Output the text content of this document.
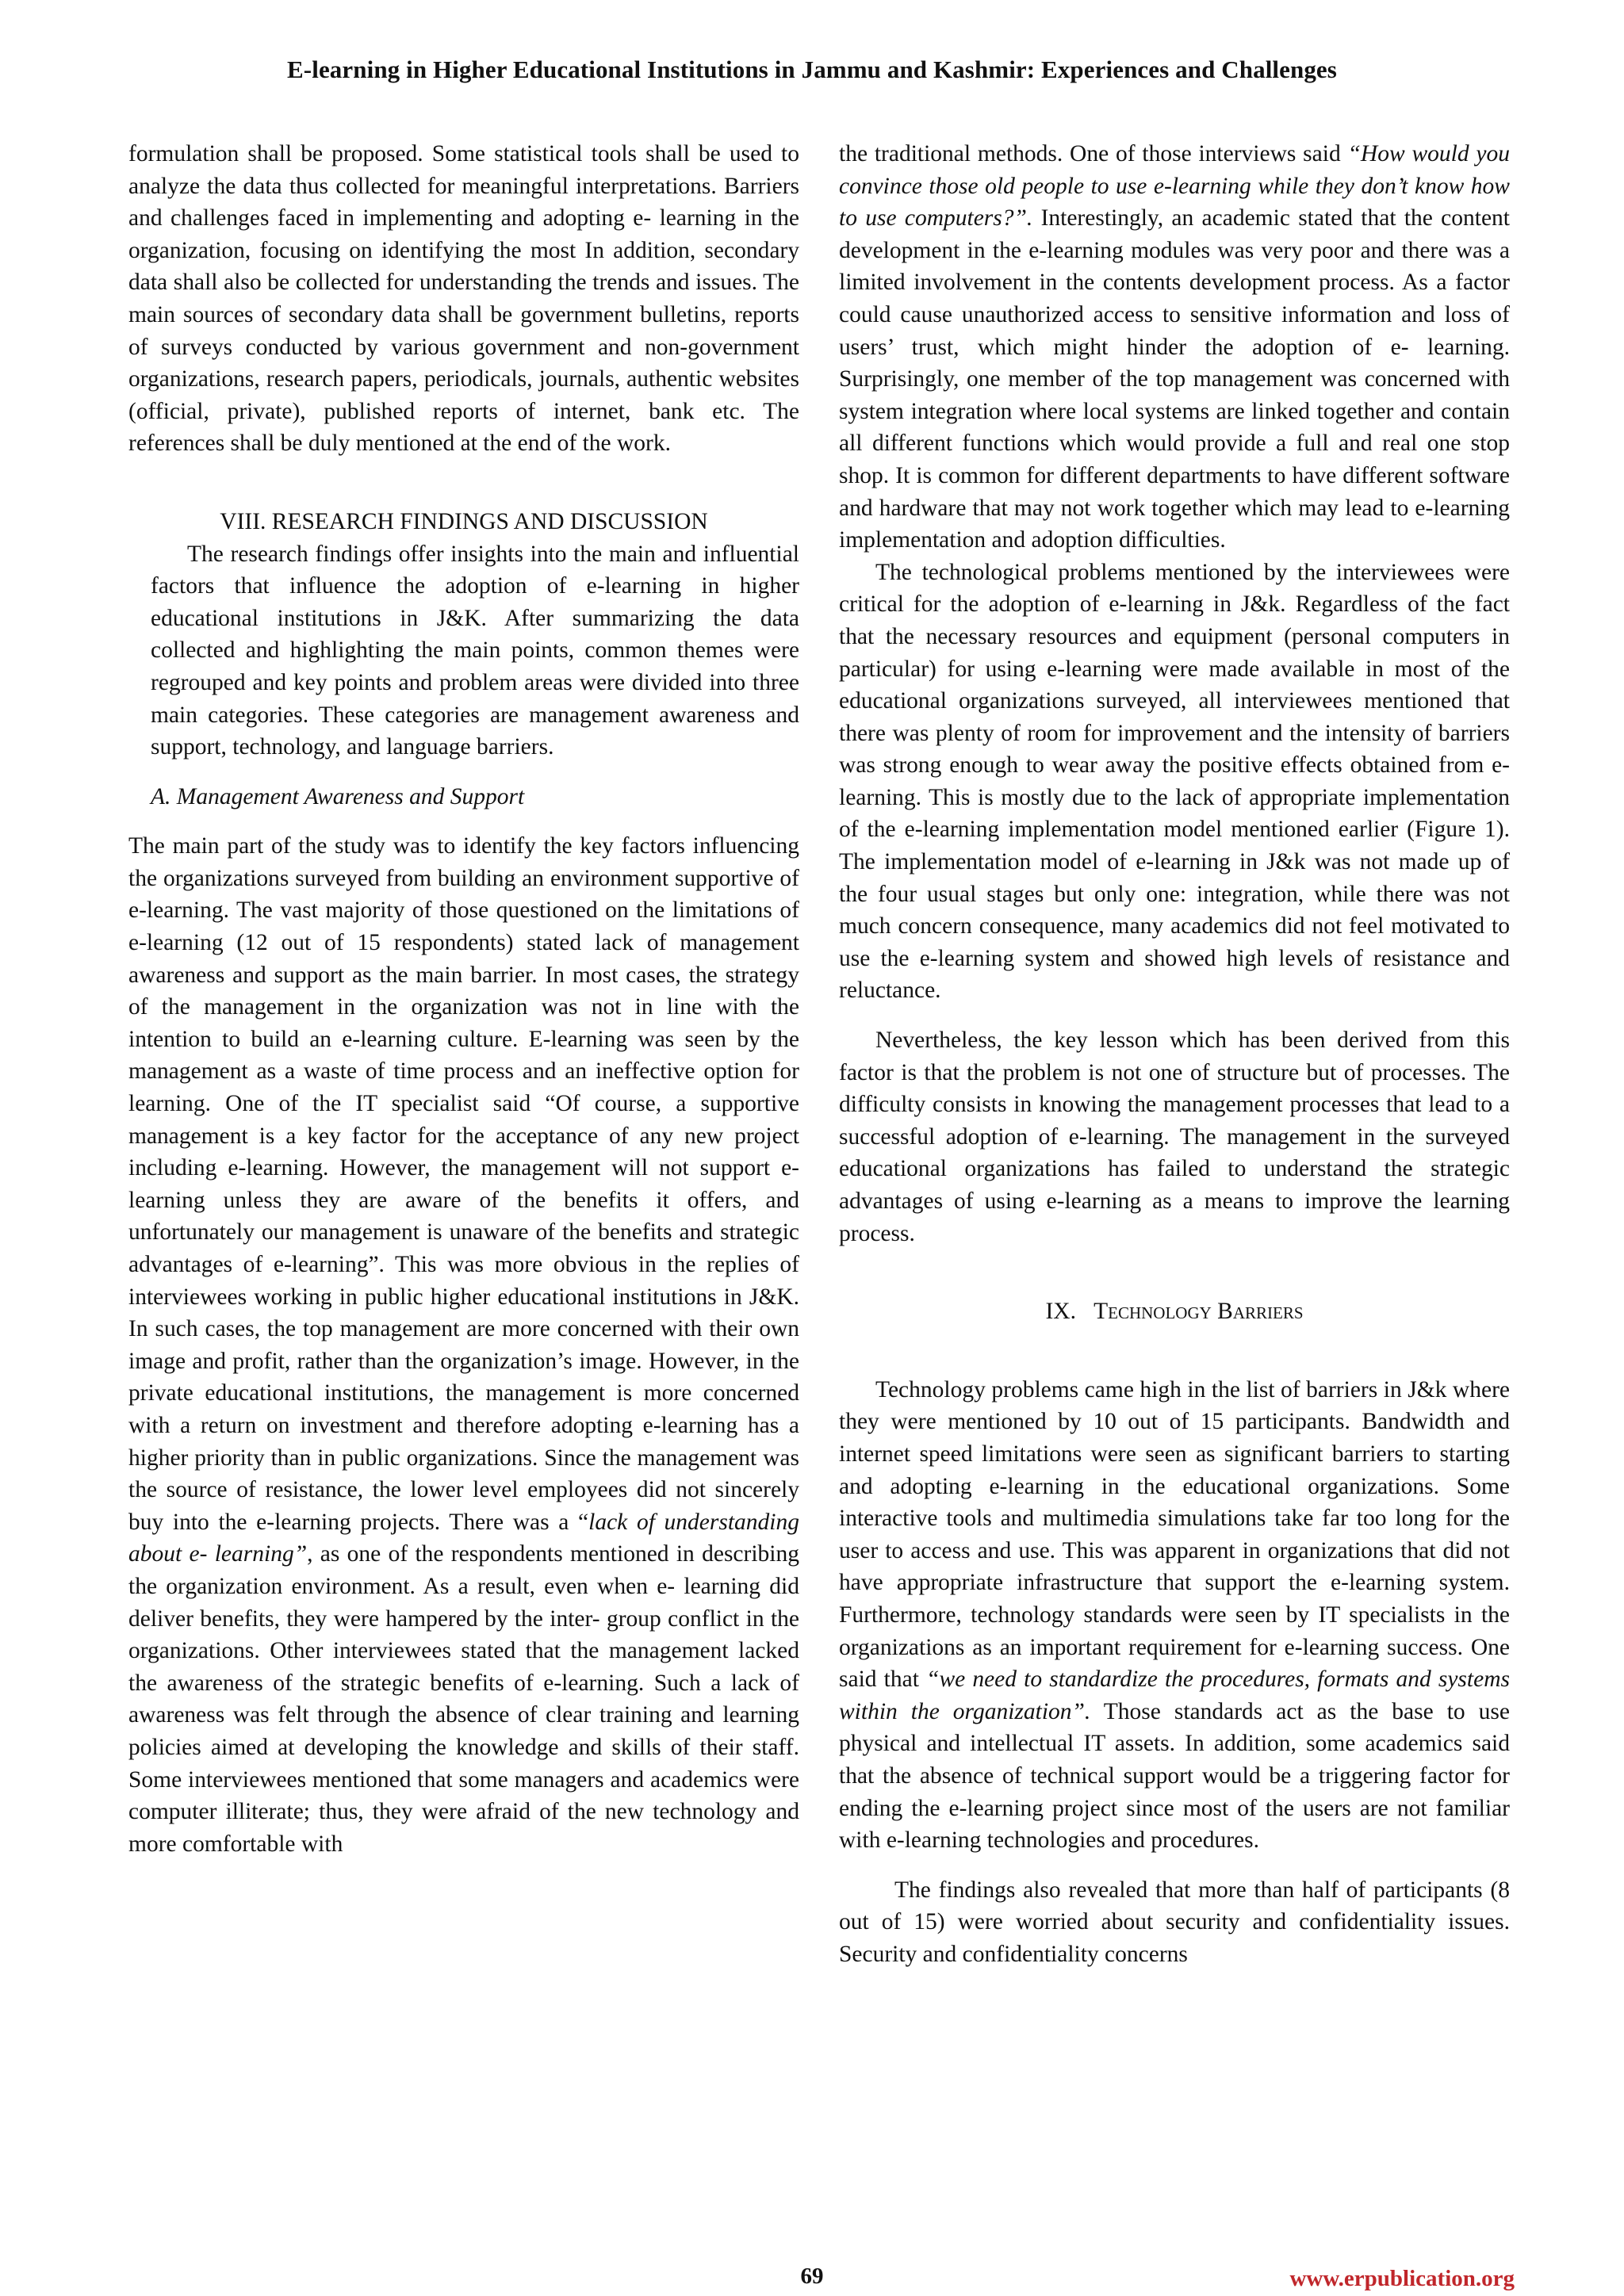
E-learning in Higher Educational Institutions in Jammu and Kashmir: Experiences and Challenges

formulation shall be proposed. Some statistical tools shall be used to analyze the data thus collected for meaningful interpretations. Barriers and challenges faced in implementing and adopting e- learning in the organization, focusing on identifying the most In addition, secondary data shall also be collected for understanding the trends and issues. The main sources of secondary data shall be government bulletins, reports of surveys conducted by various government and non-government organizations, research papers, periodicals, journals, authentic websites (official, private), published reports of internet, bank etc. The references shall be duly mentioned at the end of the work.

VIII. RESEARCH FINDINGS AND DISCUSSION

The research findings offer insights into the main and influential factors that influence the adoption of e-learning in higher educational institutions in J&K. After summarizing the data collected and highlighting the main points, common themes were regrouped and key points and problem areas were divided into three main categories. These categories are management awareness and support, technology, and language barriers.

A. Management Awareness and Support

The main part of the study was to identify the key factors influencing the organizations surveyed from building an environment supportive of e-learning. The vast majority of those questioned on the limitations of e-learning (12 out of 15 respondents) stated lack of management awareness and support as the main barrier. In most cases, the strategy of the management in the organization was not in line with the intention to build an e-learning culture. E-learning was seen by the management as a waste of time process and an ineffective option for learning. One of the IT specialist said “Of course, a supportive management is a key factor for the acceptance of any new project including e-learning. However, the management will not support e-learning unless they are aware of the benefits it offers, and unfortunately our management is unaware of the benefits and strategic advantages of e-learning”. This was more obvious in the replies of interviewees working in public higher educational institutions in J&K. In such cases, the top management are more concerned with their own image and profit, rather than the organization’s image. However, in the private educational institutions, the management is more concerned with a return on investment and therefore adopting e-learning has a higher priority than in public organizations. Since the management was the source of resistance, the lower level employees did not sincerely buy into the e-learning projects. There was a “lack of understanding about e- learning”, as one of the respondents mentioned in describing the organization environment. As a result, even when e- learning did deliver benefits, they were hampered by the inter- group conflict in the organizations. Other interviewees stated that the management lacked the awareness of the strategic benefits of e-learning. Such a lack of awareness was felt through the absence of clear training and learning policies aimed at developing the knowledge and skills of their staff. Some interviewees mentioned that some managers and academics were computer illiterate; thus, they were afraid of the new technology and more comfortable with

the traditional methods. One of those interviews said “How would you convince those old people to use e-learning while they don’t know how to use computers?”. Interestingly, an academic stated that the content development in the e-learning modules was very poor and there was a limited involvement in the contents development process. As a factor could cause unauthorized access to sensitive information and loss of users’ trust, which might hinder the adoption of e- learning. Surprisingly, one member of the top management was concerned with system integration where local systems are linked together and contain all different functions which would provide a full and real one stop shop. It is common for different departments to have different software and hardware that may not work together which may lead to e-learning implementation and adoption difficulties.

The technological problems mentioned by the interviewees were critical for the adoption of e-learning in J&k. Regardless of the fact that the necessary resources and equipment (personal computers in particular) for using e-learning were made available in most of the educational organizations surveyed, all interviewees mentioned that there was plenty of room for improvement and the intensity of barriers was strong enough to wear away the positive effects obtained from e-learning. This is mostly due to the lack of appropriate implementation of the e-learning implementation model mentioned earlier (Figure 1). The implementation model of e-learning in J&k was not made up of the four usual stages but only one: integration, while there was not much concern consequence, many academics did not feel motivated to use the e-learning system and showed high levels of resistance and reluctance.

Nevertheless, the key lesson which has been derived from this factor is that the problem is not one of structure but of processes. The difficulty consists in knowing the management processes that lead to a successful adoption of e-learning. The management in the surveyed educational organizations has failed to understand the strategic advantages of using e-learning as a means to improve the learning process.

IX. Technology Barriers

Technology problems came high in the list of barriers in J&k where they were mentioned by 10 out of 15 participants. Bandwidth and internet speed limitations were seen as significant barriers to starting and adopting e-learning in the educational organizations. Some interactive tools and multimedia simulations take far too long for the user to access and use. This was apparent in organizations that did not have appropriate infrastructure that support the e-learning system. Furthermore, technology standards were seen by IT specialists in the organizations as an important requirement for e-learning success. One said that “we need to standardize the procedures, formats and systems within the organization”. Those standards act as the base to use physical and intellectual IT assets. In addition, some academics said that the absence of technical support would be a triggering factor for ending the e-learning project since most of the users are not familiar with e-learning technologies and procedures.

The findings also revealed that more than half of participants (8 out of 15) were worried about security and confidentiality issues. Security and confidentiality concerns

69	www.erpublication.org
